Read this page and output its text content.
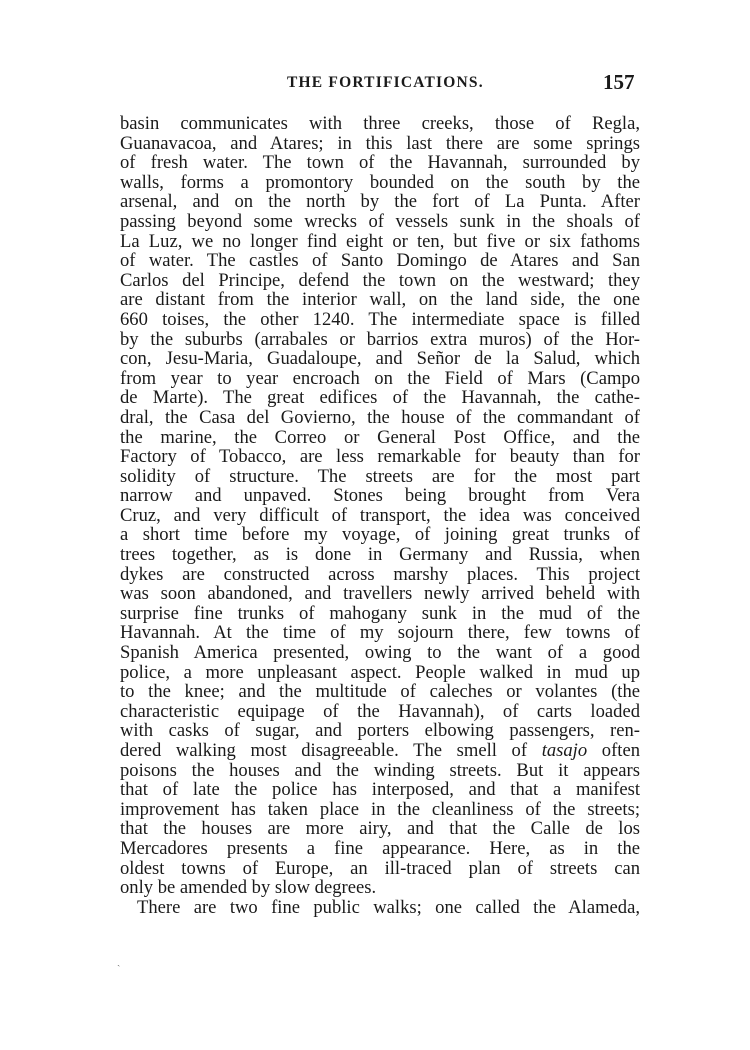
THE FORTIFICATIONS.	157
basin communicates with three creeks, those of Regla,
Guanavacoa, and Atares; in this last there are some springs
of fresh water. The town of the Havannah, surrounded by
walls, forms a promontory bounded on the south by the
arsenal, and on the north by the fort of La Punta. After
passing beyond some wrecks of vessels sunk in the shoals of
La Luz, we no longer find eight or ten, but five or six fathoms
of water. The castles of Santo Domingo de Atares and San
Carlos del Principe, defend the town on the westward; they
are distant from the interior wall, on the land side, the one
660 toises, the other 1240. The intermediate space is filled
by the suburbs (arrabales or barrios extra muros) of the Hor-
con, Jesu-Maria, Guadaloupe, and Señor de la Salud, which
from year to year encroach on the Field of Mars (Campo
de Marte). The great edifices of the Havannah, the cathe-
dral, the Casa del Govierno, the house of the commandant of
the marine, the Correo or General Post Office, and the
Factory of Tobacco, are less remarkable for beauty than for
solidity of structure. The streets are for the most part
narrow and unpaved. Stones being brought from Vera
Cruz, and very difficult of transport, the idea was conceived
a short time before my voyage, of joining great trunks of
trees together, as is done in Germany and Russia, when
dykes are constructed across marshy places. This project
was soon abandoned, and travellers newly arrived beheld with
surprise fine trunks of mahogany sunk in the mud of the
Havannah. At the time of my sojourn there, few towns of
Spanish America presented, owing to the want of a good
police, a more unpleasant aspect. People walked in mud up
to the knee; and the multitude of caleches or volantes (the
characteristic equipage of the Havannah), of carts loaded
with casks of sugar, and porters elbowing passengers, ren-
dered walking most disagreeable. The smell of tasajo often
poisons the houses and the winding streets. But it appears
that of late the police has interposed, and that a manifest
improvement has taken place in the cleanliness of the streets;
that the houses are more airy, and that the Calle de los
Mercadores presents a fine appearance. Here, as in the
oldest towns of Europe, an ill-traced plan of streets can
only be amended by slow degrees.
There are two fine public walks; one called the Alameda,
ˎ
